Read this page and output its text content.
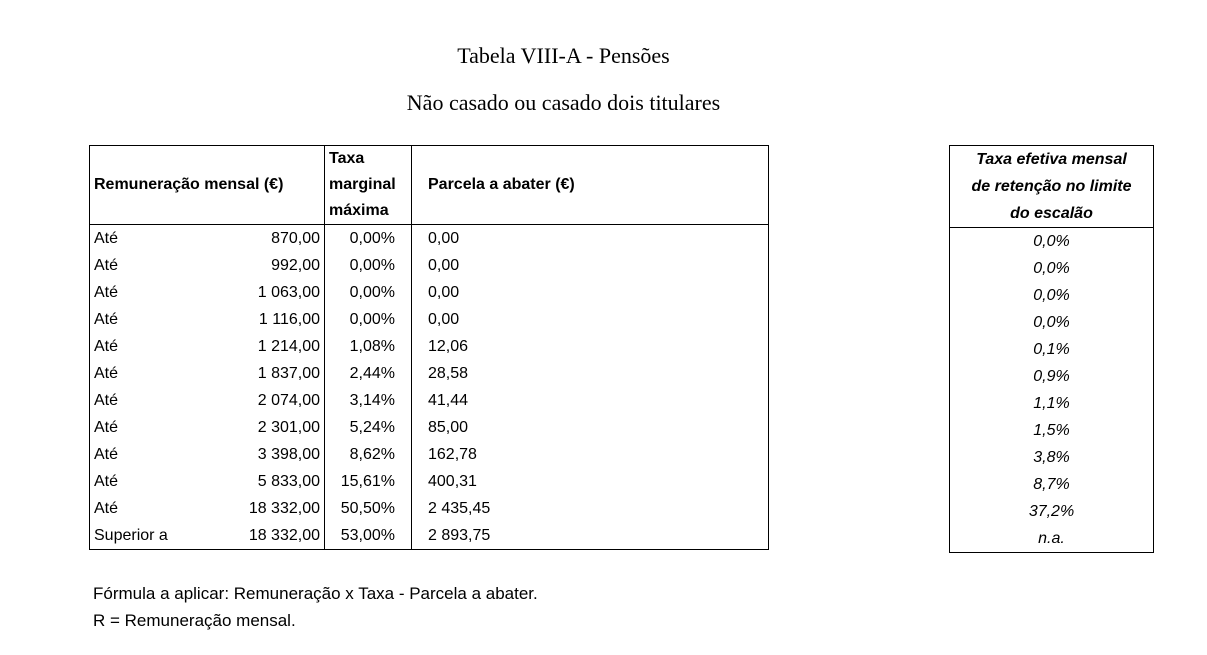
Tabela VIII-A - Pensões
Não casado ou casado dois titulares
Remuneração mensal (€)	Taxa
marginal
máxima	Parcela a abater (€)
Até 870,00	0,00%	0,00
Até 992,00	0,00%	0,00
Até 1 063,00	0,00%	0,00
Até 1 116,00	0,00%	0,00
Até 1 214,00	1,08%	12,06
Até 1 837,00	2,44%	28,58
Até 2 074,00	3,14%	41,44
Até 2 301,00	5,24%	85,00
Até 3 398,00	8,62%	162,78
Até 5 833,00	15,61%	400,31
Até 18 332,00	50,50%	2 435,45
Superior a 18 332,00	53,00%	2 893,75
Taxa efetiva mensal
de retenção no limite
do escalão

0,0%
0,0%
0,0%
0,0%
0,1%
0,9%
1,1%
1,5%
3,8%
8,7%
37,2%
n.a.
Fórmula a aplicar: Remuneração x Taxa - Parcela a abater.
R = Remuneração mensal.
